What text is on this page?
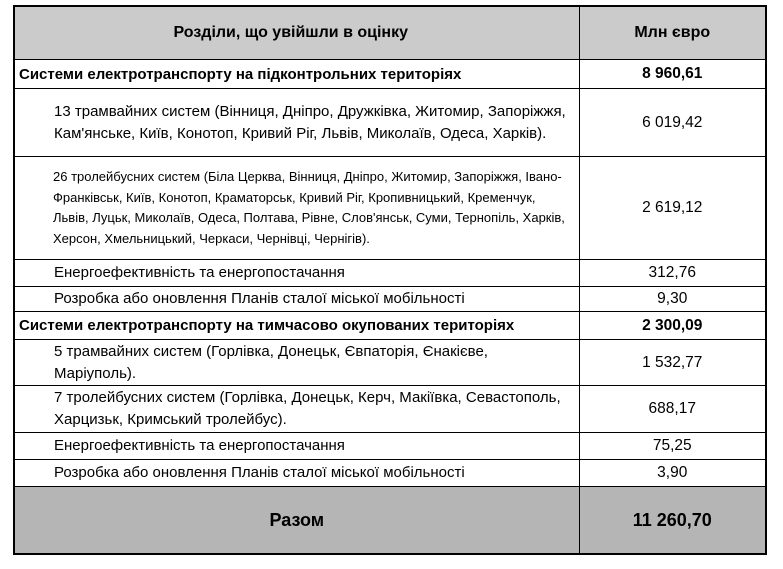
Розділи, що увійшли в оцінку	Млн євро
Системи електротранспорту на підконтрольних територіях	8 960,61
13 трамвайних систем (Вінниця, Дніпро, Дружківка, Житомир, Запоріжжя, Кам'янське, Київ, Конотоп, Кривий Ріг, Львів, Миколаїв, Одеса, Харків).	6 019,42
26 тролейбусних систем (Біла Церква, Вінниця, Дніпро, Житомир, Запоріжжя, Івано-Франківськ, Київ, Конотоп, Краматорськ, Кривий Ріг, Кропивницький, Кременчук, Львів, Луцьк, Миколаїв, Одеса, Полтава, Рівне, Слов'янськ, Суми, Тернопіль, Харків, Херсон, Хмельницький, Черкаси, Чернівці, Чернігів).	2 619,12
Енергоефективність та енергопостачання	312,76
Розробка або оновлення Планів сталої міської мобільності	9,30
Системи електротранспорту на тимчасово окупованих територіях	2 300,09
5 трамвайних систем (Горлівка, Донецьк, Євпаторія, Єнакієве, Маріуполь).	1 532,77
7 тролейбусних систем (Горлівка, Донецьк, Керч, Макіївка, Севастополь, Харцизьк, Кримський тролейбус).	688,17
Енергоефективність та енергопостачання	75,25
Розробка або оновлення Планів сталої міської мобільності	3,90
Разом	11 260,70
